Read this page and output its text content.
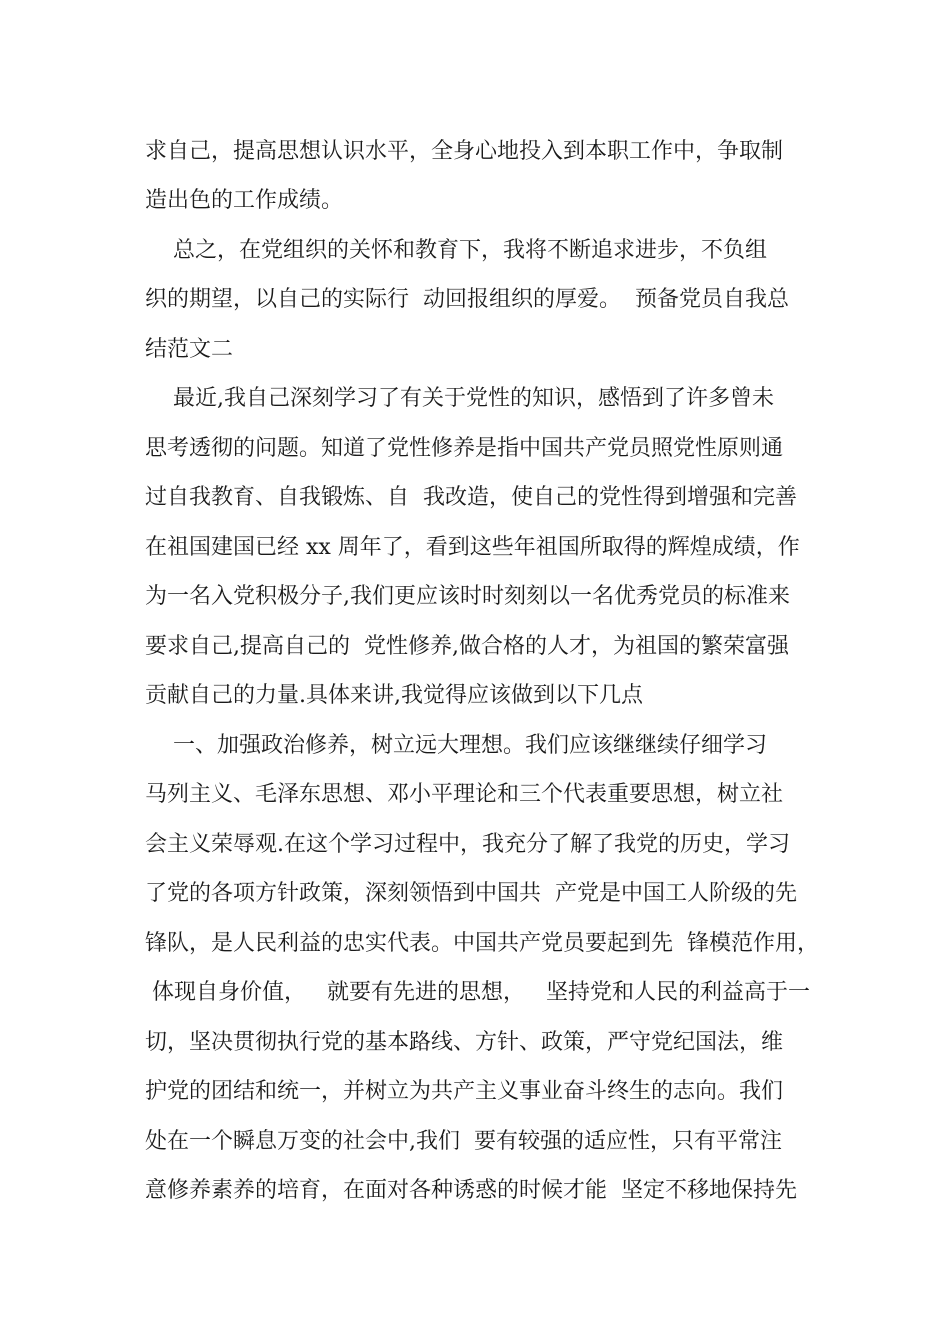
求自己，提高思想认识水平，全身心地投入到本职工作中，争取制
造出色的工作成绩。
总之，在党组织的关怀和教育下，我将不断追求进步，不负组
织的期望，以自己的实际行  动回报组织的厚爱。  预备党员自我总
结范文二
最近,我自己深刻学习了有关于党性的知识，感悟到了许多曾未
思考透彻的问题。知道了党性修养是指中国共产党员照党性原则通
过自我教育、自我锻炼、自  我改造，使自己的党性得到增强和完善
在祖国建国已经 xx 周年了，看到这些年祖国所取得的辉煌成绩，作
为一名入党积极分子,我们更应该时时刻刻以一名优秀党员的标准来
要求自己,提高自己的  党性修养,做合格的人才，为祖国的繁荣富强
贡献自己的力量.具体来讲,我觉得应该做到以下几点
一、加强政治修养，树立远大理想。我们应该继继续仔细学习
马列主义、毛泽东思想、邓小平理论和三个代表重要思想，树立社
会主义荣辱观.在这个学习过程中，我充分了解了我党的历史，学习
了党的各项方针政策，深刻领悟到中国共  产党是中国工人阶级的先
锋队，是人民利益的忠实代表。中国共产党员要起到先  锋模范作用，
体现自身价值，   就要有先进的思想，   坚持党和人民的利益高于一
切，坚决贯彻执行党的基本路线、方针、政策，严守党纪国法，维
护党的团结和统一，并树立为共产主义事业奋斗终生的志向。我们
处在一个瞬息万变的社会中,我们  要有较强的适应性，只有平常注
意修养素养的培育，在面对各种诱惑的时候才能  坚定不移地保持先
